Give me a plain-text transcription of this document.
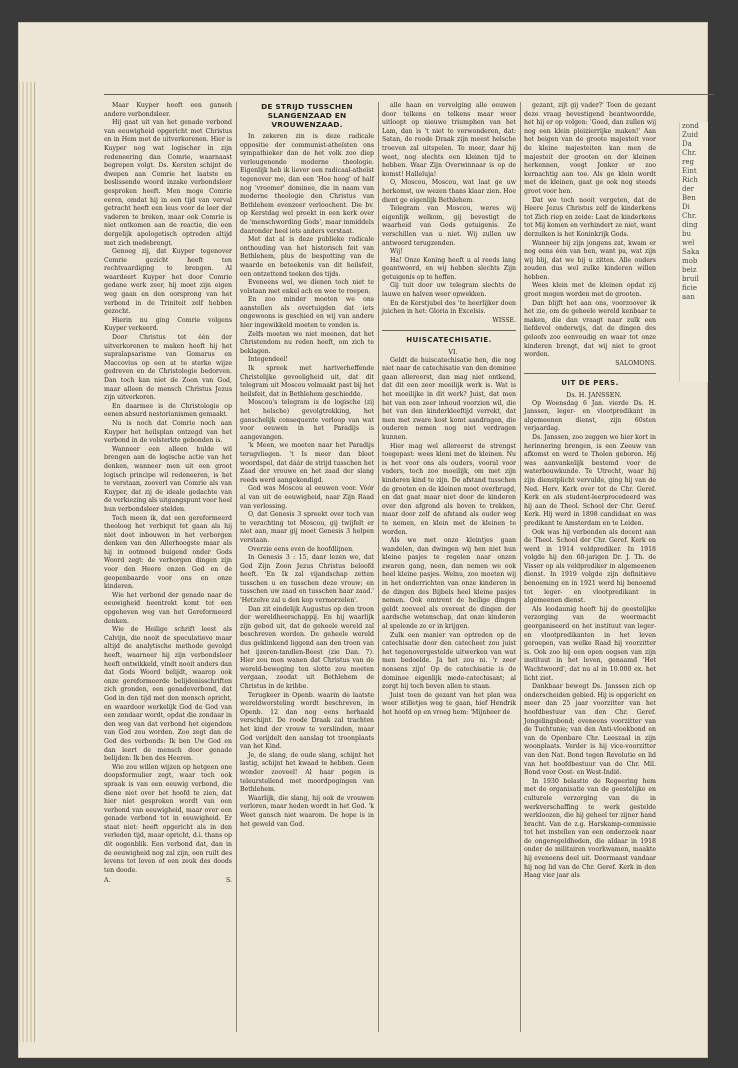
Maar Kuyper heeft een ganseh andere verbondsleer.

Hij gaat uit van het genade verbond van eeuwigheid opgericht met Christus en in Hem met de uitverkorenen. Hier is Kuyper nog wat logischer in zijn redeneering dan Comrie, waarnaast begrepen volgt. Ds. Kersten schijnt de dwepen aan Comrie het laatste en beslissende woord inzake verbondsleer gesproken heeft. Men moge Comrie eeren, omdat hij in een tijd van verval getracht heeft een leus voor de leer der vaderen te breken, maar ook Comrie is niet ontkomen aan de reactie, die een dergelijk apologetisch optreden altijd met zich medebrengt.

Genoeg zij, dat Kuyper tegenover Comrie gezicht heeft ten rechtvaardiging te brengen. Al waardeert Kuyper het door Comrie gedane werk zeer, hij moet zijn eigen weg gaan en den oorsprong van het verbond in de Triniteit zelf hebben gezocht.

Hierin nu ging Comrie volgens Kuyper verkeerd.

Door Christus tot één der uitverkorenen te maken heeft hij het supralapsarisme van Gomarus en Maccovius op een at te sterke wijze gedreven en de Christologie bedorven. Dan toch kan niet de Zoon van God, maar alleen de mensch Christus Jezus zijn uitverkoren.

En daarmee is de Christologie op eenen absurd nestorianismen gemaakt.

Nu is noch dat Comrie noch aan Kuyper het heilsplan ontzegd van het verbond in de volsterkte gebonden is.

Wanneer een alleen hulde wil brengen aan de logische actie van het denken, wanneer men uit een groot logisch principe wil redeneeren, is het te verstaan, zooverl van Comrie als van Kuyper, dat zij de ideale gedachte van de verkiezing als uitgangspunt voor heel hun verbondsleer stelden.

Toch meen ik, dat een gereformeerd theoloog het verbiqut tet gaan als hij niet doet inbouwen in het verborgen denken van den Allerhoogste maar als hij in ootmoed buigend onder Gods Woord zegt: de verborgen dingen zijn voor den Heere onzen God en de geopenbaarde voor ons en onze kinderen.

Wie het verbond der genade naar de eeuwigheid heentrekt komt tot een opgeheven weg van het Gereformeerd denken.

Wie de Heilige schrift leest als Calvijn, die nooit de speculatieve maar altijd de analytische methode gevolgd heeft, waarneer hij zijn verbondsleer heeft ontwikkeld, vindt nooit anders dan dat Gods Woord belijdt, waarop ook onze gereformeerde belijdenisschriften zich gronden, een genadeverbond, dat God in den tijd met den mensch opricht, en waardoor werkelijk God de God van een zondaar wordt, opdat die zondaar in den weg van dat verbond het eigendom van God zou worden. Zoo zegt dan de God des verbonds: Ik ben Uw God en dan leert de mensch door genade belijden: Ik ben des Heeren.

Wie zou willen wijzen op hetgeen one doopsformulier zegt, waar toch ook spraak is van een eeuwig verbond, die diene niet over het hoofd te zien, dat hier niet gesproken wordt van een verbond van eeuwigheid, maar over een genade verbond tot in eeuwigheid. Er staat niet: heeft opgericht als in den verleden tijd, maar opricht, d.i. thans op dit oogenblik. Een verbond dat, dan in de eeuwigheid nog zal zijn, een ruilt des levens tot leven of een zeuk des doods ten doode.

A.	S.
DE STRIJD TUSSCHEN SLANGENZAAD EN VROUWENZAAD.

In zekeren zin is deze radicale oppositie der communist-atheïsten ons sympathieker dan de het volk zoo diep verleugenende moderne theologie. Eigenlijk heb ik liever een radicaal-atheïst tegenover me, dan een 'Hoe hoog' of half nog 'vroomer' dominee, die in naam van moderne theologie den Christus van Bethlehem evenzeer verloochent. Die bv. op Kerstdag wel preekt in een kerk over de 'menschwording Gods', maar inmiddels daaronder heel iets anders verstaat.

Met dat al is deze publieke radicale onthouding van het historisch feit van Bethlehem, plus de bespotting van de waarde en beteekenis van dit heilsfeit, een ontzettend teeken des tijds.

Eveneens wel, we dienen toch niet te volstaan met enkel ach en wee te roepen.

En zoo minder moeten we ons aanstellen als overtuigden dat iets ongewoons is geschied en wij van andere hier ingewikkeld moeten te vonden is.

Zelfs moeten we niet meenen, dat het Christendom nu reden heeft, om zich te beklagen.

Integendeel!

Ik spreek met hartverheffende Christelijke gevoeligheid uit, dat dit telegram uit Moscou volmaakt past bij het heilsfeit, dat in Bethlehem geschiedde.

Moscou's telegram is de logische (zij het helsche) gevolgtrekking, het ganschelijk consequente verloop van wat voor eeuwen in het Paradijs is aangevangen.

'k Meen, we moeten naar het Paradijs terugvliegen. 't Is meer dan bloot woordspel, dat dáár de strijd tusschen het Zaad der vrouwe en het zaad der slang reeds werd aangekondigd.

God was Moscou al eeuwen voor. Vóór al van uit de eeuwigheid, naar Zijn Raad van verlossing.

O, dat Genesis 3 spreekt over toch van te verachting tot Moscou, gij twijfelt er niet aan, maar gij moet Genesis 3 helpen verstaan.

Overzie eens even de hoofdlijnen.

In Genesis 3 : 15, daar lezen we, dat God Zijn Zoon Jezus Christus beloofd heeft. 'En Ik zal vijandschap zetten tusschen u en tusschen deze vrouw; en tusschen uw zaad en tusschen haar zaad.' 'Hetzelve zal u den kop vermorzelen'.

Dan zit eindelijk Augustus op den troon der wereldheerschappij. En hij waarlijk zijn gebod uit, dat de geheele wereld zal beschreven worden. De geheele wereld dus geklinkend liggend aan den troon van het ijzeren-tandlen-Beest (zie Dan. 7). Hier zou men wanen dat Christus van de wereld-beweging ten slotte zou moeten vergaan, zoodat uit Bethlehem de Christus in de kribbe.

Terugkeer in Openb. waarin de laatste wereldworsteling wordt beschreven, in Openb. 12 dan nog eens herhaald verschijnt. De roode Draak zal trachten het kind der vrouw te verslinden, maar God verijdelt den aanslag tot troonplaats van het Kind.

Je, de slang, de oude slang, schijnt het lastig, schijnt het kwaad te hebben. Geen wonder zooveel! Al haar pogen is teleurstellend met moordpogingen van Bethlehem.

Waarlijk, die slang, hij ook de vrouwen verloren, maar heden wordt in het God. 'k Weet gansch niet waarom. De hope is in het geweld van God.

alle haan en vervolging alle eeuwen door telkens en telkens maar weer uitloopt op nieuwe triumphen van het Lam, dan is 't niet te verwonderen, dat: Satan, de roode Draak zijn meest helsche troeven zal uitspelen. Te meer, daar hij weet, nog slechts een kleinen tijd te hebben. Waar Zijn Overwinnaar is op de komst! Halleluja!

O, Moscou, Moscou, wat laat ge uw herkomst, uw wezen thans klaar zien. Hoe dient ge eigenlijk Bethlehem.

Telegram van Moscou, weres wij eigenlijk welkom, gij bevestigt de waarheid van Gods getuigenis. Ze verschillen van u niet. Wij zullen uw antwoord terugzenden.

Wij!

Ha! Onze Koning heeft u al reeds lang geantwoord, en wij hebben slechts Zijn getuigenis op te heffen.

Gij tuit door uw telegram slechts de lauwe en halven weer opwekken.

En de Kerstjubel des 'te heerlijker doen juichen in het: Gloria in Excelsis.

WISSE.

HUISCATECHISATIE.

VI.

Geldt de huiscatechisatie hen, die nog niet naar de catechisatie van den dominee gaan allereerst, dan mag niet ontkend, dat dit een zeer moeilijk werk is. Wat is het moeilijke in dit werk? Juist, dat men het van een zeer inhoud voorzien wil, die het van den kinderkleeftijd verrekt, dat men met zware kost komt aandragen, die ouderen nemen nog niet verdragen kunnen.

Hier mag wel allereerst de strengst toegepast: wees kleni met de kleinen. Nu is het voor ons als ouders, vooral voor vaders, toch zoo moeilijk, om met zijn kinderen kind te zijn. De afstand tusschen de grooten en de kleinen moet overbrugd, en dat gaat maar niet door de kinderen over den afgrond als boven te trekken, maar door zelf de afstand als ouder weg te nemen, en klein met de kleinen te worden.

Als we met onze kleintjes gaan wandelen, dan dwingen wij hen niet hun kleine pasjes te regelen naar onzen zwaren gang, neen, dan nemen we ook heel kleine pasjes. Welnu, zoo moeten wij in het onderrichten van onze kinderen in de dingen des Bijbels heel kleine pasjes nemen. Ook omtrent de heilige dingen geldt zooveel als overeat de dingen der aardsche wetenschap, dat onze kinderen al spelende ze er in krijgen.

Zulk een manier van optreden op de catechisatie door den catecheet zou juist het tegenovergestelde uitwerken van wat men bedoelde. Ja het zou ni. 'r zeer nonsens zijn! Op de catechisatie is de dominee eigenlijk mede-catechisant; al zorgt hij toch boven allen te staan.

Juist toen de gezant van het plan was weer stilletjes weg te gaan, hief Hendrik het hoofd op en vroeg hem: 'Mijnheer de

gezant, zijt gij vader?' Toen de gezant deze vraag bevestigend beantwoordde, het hij er op volgen: 'Goed, dan zullen wij nog een klein pleizierrijke maken!' Aan het beigen van de groote majesteit voor de kleine majesteiten kan men de majesteit der grooten en der kleinen herkennen, voegt Jonker er zoo kernachtig aan toe. Als ge klein wordt met de kleinen, gaat ge ook nog steeds groot voor hen.

Dat we toch nooit vergeten, dat de Heere Jezus Christus zelf de kinderkens tot Zich riep en zeide: Laat de kinderkens tot Mij komen en verhindert ze niet, want derzulken is het Koninkrijk Gods.

Wanneer bij zijn jongens zat, kwam er nog eens één van hen, want pa, wat zijn wij blij, dat we bij u zitten. Alle ouders zouden dus wel zulke kinderen willen hebben.

Wees klein met de kleinen opdat zij groot mogen worden met de grooten.

Dan blijft het aan ons, voorzoover ik het zie, om de geheele wereld kenbaar te maken, die dan vraagt naar zulk een liefdevol onderwijs, dat de dingen des geloofs zoo eenvoudig en waar tot onze kinderen brengt, dat wij niet te groot worden.

SALOMONS.

UIT DE PERS.

Ds. H. JANSSEN.

Op Woensdag 6 Jan. vierde Ds. H. Janssen, leger- en vlootpredikant in algemeenen dienst, zijn 60sten verjaardag.

Ds. Janssen, zoo zeggen we hier kort in herinnering brengen, is een Zeeuw van afkomst en werd te Tholen geboren. Hij was aanvankelijk bestemd voor de waterbouwkunde. Te Utrecht, waar hij zijn dienstplicht vervulde, ging hij van de Ned. Herv. Kerk over tot de Chr. Geref. Kerk en als student-leerprocedeerd was hij aan de Theol. School der Chr. Geref. Kerk. Hij werd in 1898 candidaat en was predikant te Amsterdam en te Leiden.

Ook was hij verbonden als docent aan de Theol. School der Chr. Geref. Kerk en werd in 1914 veldprediker. In 1918 volgde hij den 60-jarigen Dr. J. Th. de Visser op als veldprediker in algemeenen dienst. In 1919 volgde zijn definitieve benoeming en in 1921 werd hij benoemd tot leger- en vlootpredikant in algemeenen dienst.

Als loodaunig heeft hij de geestelijke verzorging van de weermacht georganiseerd en het instituut van leger- en vlootpredikanten in het leven geroepen, van welke Raad hij voorzitter is. Ook zoo hij een open oogsen van zijn instituut in het leven, genaamd 'Het Wachtwoord', dat nu al in 10.000 ex. het licht ziet.

Dankbaar bewegt Ds. Janssen zich op onderscheiden gebied. Hij is opgericht en meer dan 25 jaar voorzitter van het hoofdbestuur van den Chr. Geref. Jongelingsbond; eveneens voorzitter van de Tuchtunie; van den Anti-vloekbond en van de Openbare Chr. Leeszaal in zijn woonplaats. Verder is hij vice-voorzitter van den Nat. Bond tegen Revolutie en lid van het hoofdbestuur van de Chr. Mil. Bond voor Oost- en West-Indië.

In 1930 belastte de Regeering hem met de organisatie van de geestelijke en culturele verzorging van de in werkverschaffing te werk gestelde werkloozen, die hij geheel ter zijner hand bracht. Van de z.g. Harskamp-commissie tot het instellen van een onderzoek naar de ongeregeldheden, die aldaar in 1918 onder de militairen voorkwamen, maakte hij eveneens deel uit. Doormaast vandaar hij nog lid van de Chr. Geref. Kerk in den Haag vier jaar als

zond
Zuid
Da
Chr.
reg
Eint
Rich
der
Ben
Di
Chr.
ding
bu
wel
Saka
mob
beiz
bruil
ficie
aan
